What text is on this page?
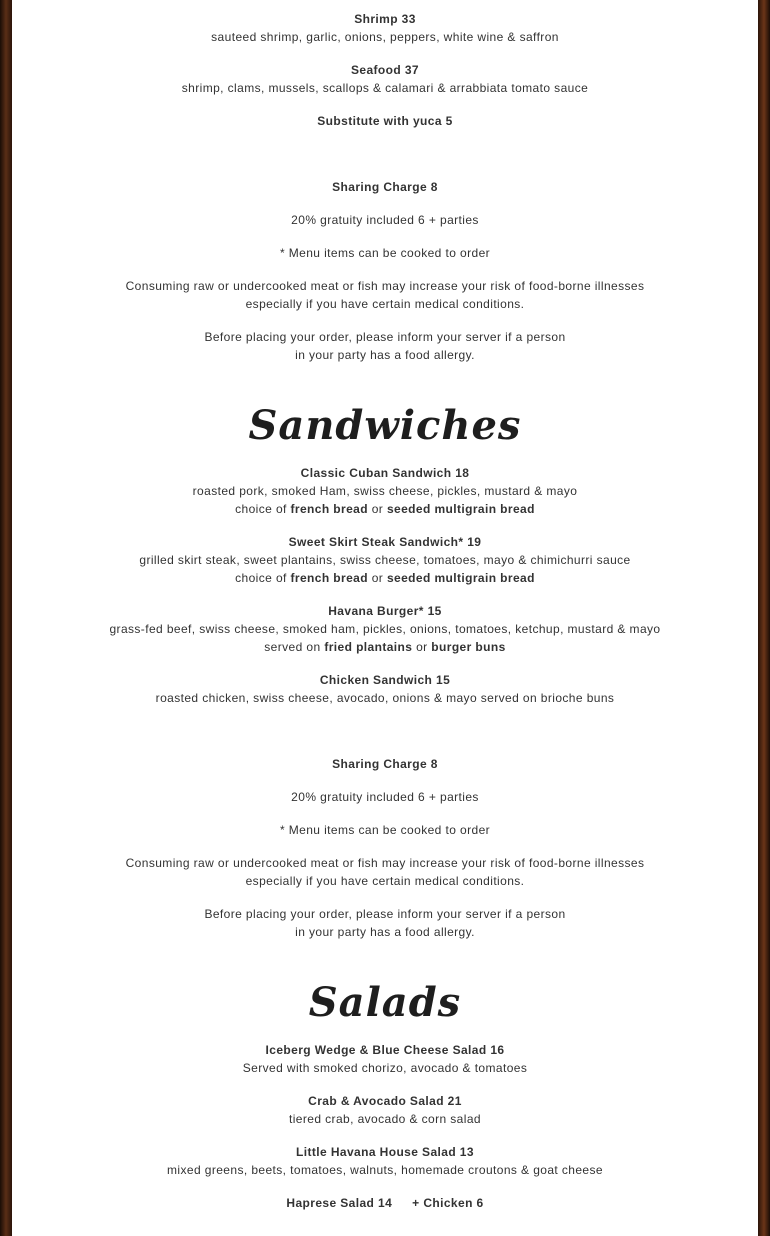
Shrimp 33

sauteed shrimp, garlic, onions, peppers, white wine & saffron

Seafood 37

shrimp, clams, mussels, scallops & calamari & arrabbiata tomato sauce

Substitute with yuca 5

Sharing Charge 8

20% gratuity included 6 + parties

* Menu items can be cooked to order

Consuming raw or undercooked meat or fish may increase your risk of food-borne illnesses

especially if you have certain medical conditions.

Before placing your order, please inform your server if a person

in your party has a food allergy.

Sandwiches

Classic Cuban Sandwich 18

roasted pork, smoked Ham, swiss cheese, pickles, mustard & mayo

choice of french bread or seeded multigrain bread

Sweet Skirt Steak Sandwich* 19

grilled skirt steak, sweet plantains, swiss cheese, tomatoes, mayo & chimichurri sauce

choice of french bread or seeded multigrain bread

Havana Burger* 15

grass-fed beef, swiss cheese, smoked ham, pickles, onions, tomatoes, ketchup, mustard & mayo

served on fried plantains or burger buns

Chicken Sandwich 15

roasted chicken, swiss cheese, avocado, onions & mayo served on brioche buns

Sharing Charge 8

20% gratuity included 6 + parties

* Menu items can be cooked to order

Consuming raw or undercooked meat or fish may increase your risk of food-borne illnesses

especially if you have certain medical conditions.

Before placing your order, please inform your server if a person

in your party has a food allergy.

Salads

Iceberg Wedge & Blue Cheese Salad 16

Served with smoked chorizo, avocado & tomatoes

Crab & Avocado Salad 21

tiered crab, avocado & corn salad

Little Havana House Salad 13

mixed greens, beets, tomatoes, walnuts, homemade croutons & goat cheese

Haprese Salad 14 + Chicken 6
